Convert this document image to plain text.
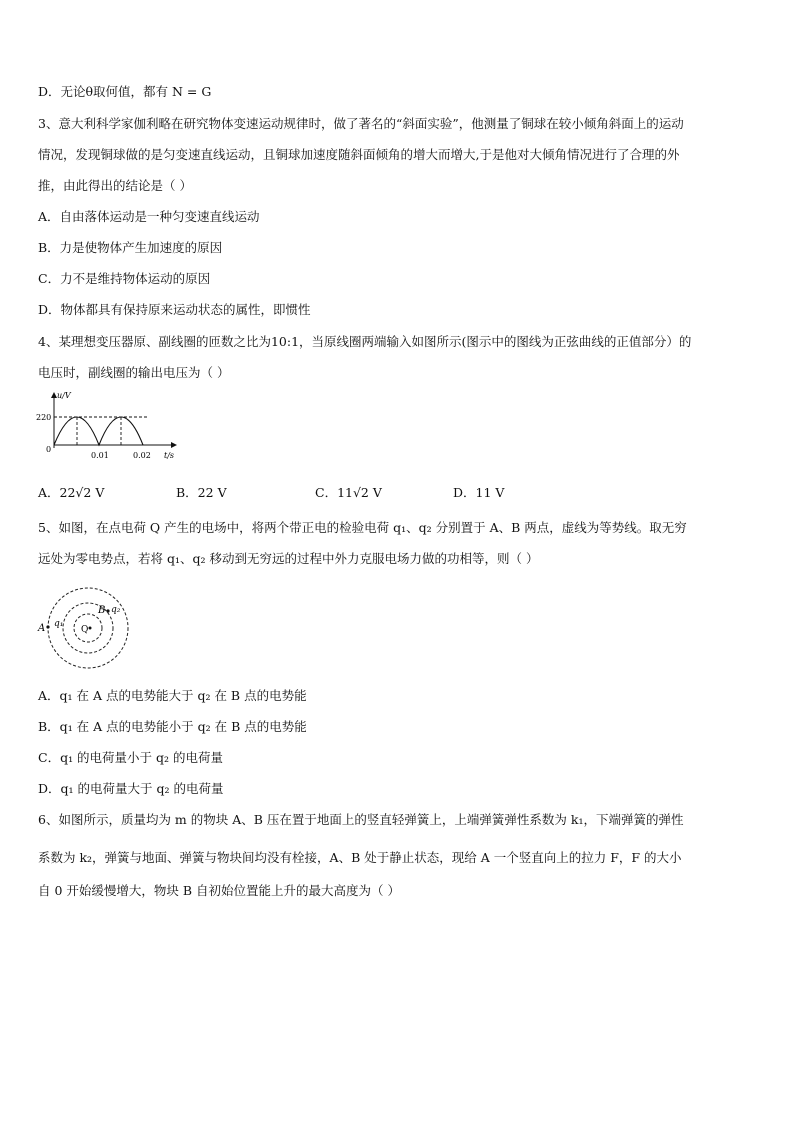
D．无论θ取何值，都有 N = G
3、意大利科学家伽利略在研究物体变速运动规律时，做了著名的“斜面实验”，他测量了铜球在较小倾角斜面上的运动
情况，发现铜球做的是匀变速直线运动，且铜球加速度随斜面倾角的增大而增大,于是他对大倾角情况进行了合理的外
推，由此得出的结论是（ ）
A．自由落体运动是一种匀变速直线运动
B．力是使物体产生加速度的原因
C．力不是维持物体运动的原因
D．物体都具有保持原来运动状态的属性，即惯性
4、某理想变压器原、副线圈的匝数之比为10:1，当原线圈两端输入如图所示(图示中的图线为正弦曲线的正值部分）的
电压时，副线圈的输出电压为（ ）
u/V
220
0
0.01	0.02 t/s
A．22√2 V	B．22 V	C．11√2 V	D．11 V
5、如图，在点电荷 Q 产生的电场中，将两个带正电的检验电荷 q₁、q₂ 分别置于 A、B 两点，虚线为等势线。取无穷
远处为零电势点，若将 q₁、q₂ 移动到无穷远的过程中外力克服电场力做的功相等，则（ ）
A q₁
Q
B q₂
A．q₁ 在 A 点的电势能大于 q₂ 在 B 点的电势能
B．q₁ 在 A 点的电势能小于 q₂ 在 B 点的电势能
C．q₁ 的电荷量小于 q₂ 的电荷量
D．q₁ 的电荷量大于 q₂ 的电荷量
6、如图所示，质量均为 m 的物块 A、B 压在置于地面上的竖直轻弹簧上，上端弹簧弹性系数为 k₁，下端弹簧的弹性
系数为 k₂，弹簧与地面、弹簧与物块间均没有栓接，A、B 处于静止状态，现给 A 一个竖直向上的拉力 F，F 的大小
自 0 开始缓慢增大，物块 B 自初始位置能上升的最大高度为（ ）
